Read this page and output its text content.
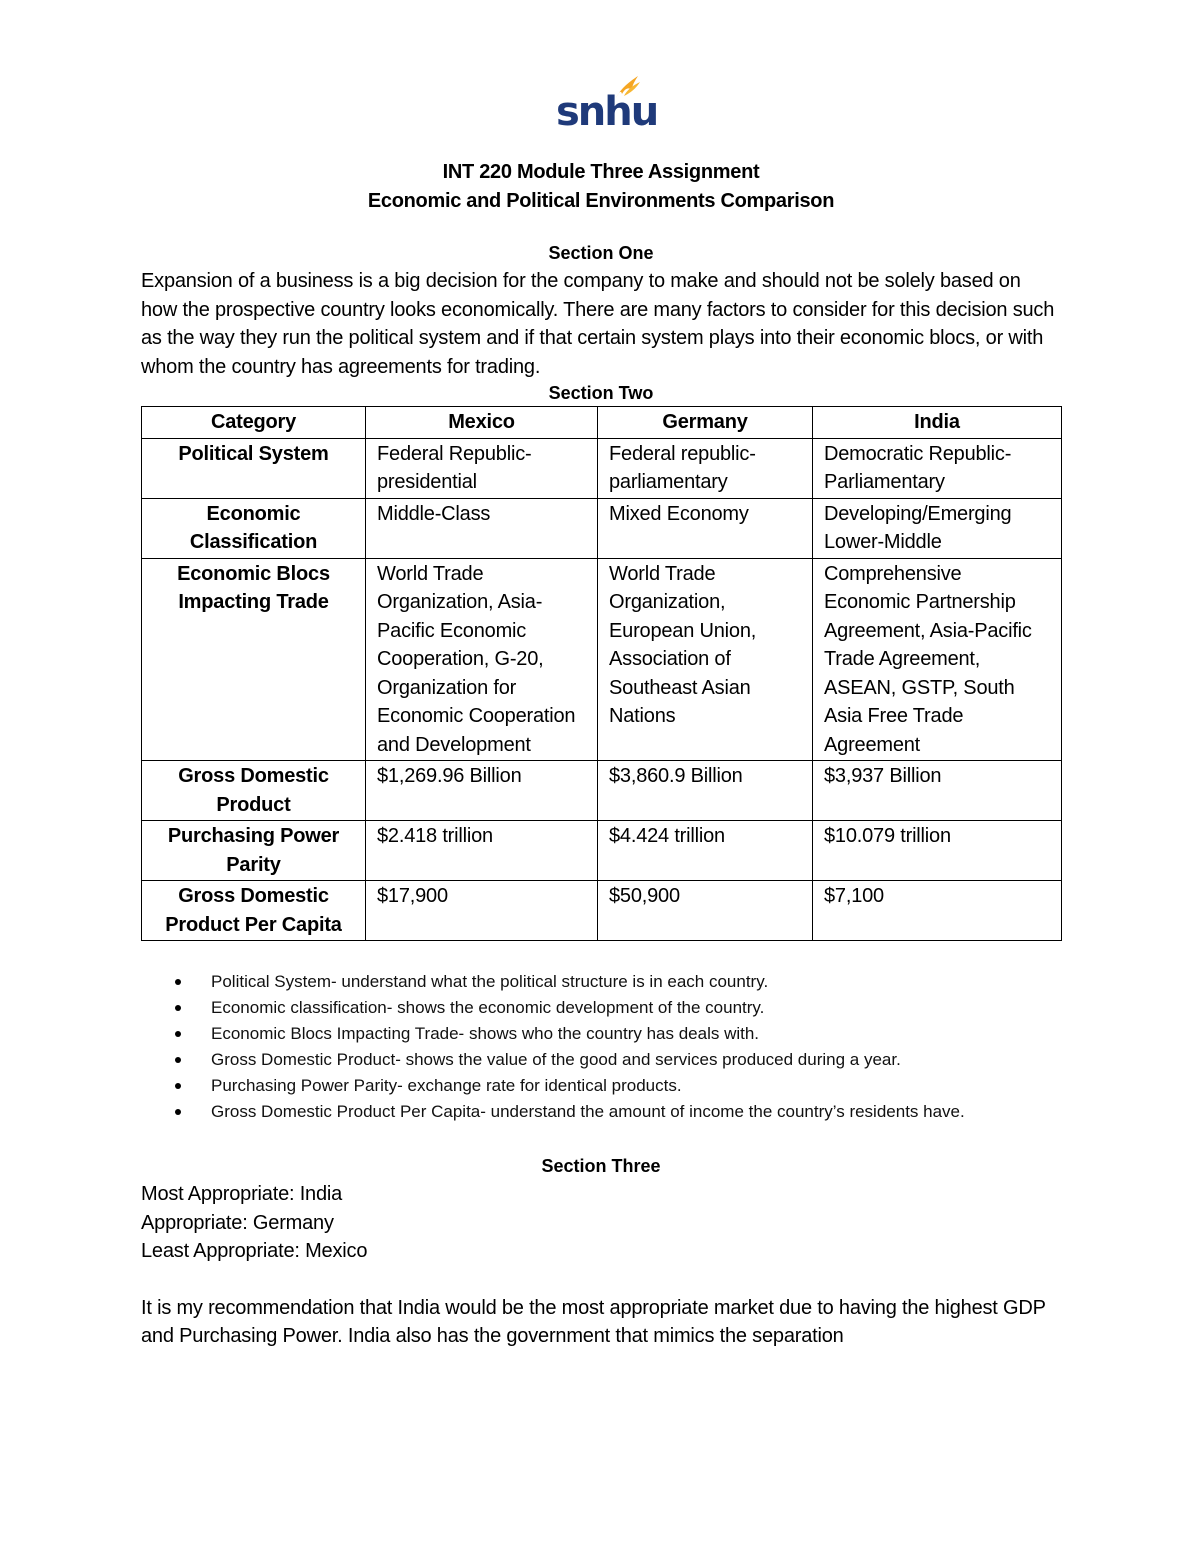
snhu
INT 220 Module Three Assignment
Economic and Political Environments Comparison
Section One
Expansion of a business is a big decision for the company to make and should not be solely based on how the prospective country looks economically. There are many factors to consider for this decision such as the way they run the political system and if that certain system plays into their economic blocs, or with whom the country has agreements for trading.
Section Two
Category	Mexico	Germany	India
Political System	Federal Republic-presidential	Federal republic-parliamentary	Democratic Republic-Parliamentary
Economic Classification	Middle-Class	Mixed Economy	Developing/Emerging Lower-Middle
Economic Blocs Impacting Trade	World Trade Organization, Asia-Pacific Economic Cooperation, G-20, Organization for Economic Cooperation and Development	World Trade Organization, European Union, Association of Southeast Asian Nations	Comprehensive Economic Partnership Agreement, Asia-Pacific Trade Agreement, ASEAN, GSTP, South Asia Free Trade Agreement
Gross Domestic Product	$1,269.96 Billion	$3,860.9 Billion	$3,937 Billion
Purchasing Power Parity	$2.418 trillion	$4.424 trillion	$10.079 trillion
Gross Domestic Product Per Capita	$17,900	$50,900	$7,100
Political System- understand what the political structure is in each country.
Economic classification- shows the economic development of the country.
Economic Blocs Impacting Trade- shows who the country has deals with.
Gross Domestic Product- shows the value of the good and services produced during a year.
Purchasing Power Parity- exchange rate for identical products.
Gross Domestic Product Per Capita- understand the amount of income the country’s residents have.
Section Three
Most Appropriate: India
Appropriate: Germany
Least Appropriate: Mexico
It is my recommendation that India would be the most appropriate market due to having the highest GDP and Purchasing Power. India also has the government that mimics the separation
